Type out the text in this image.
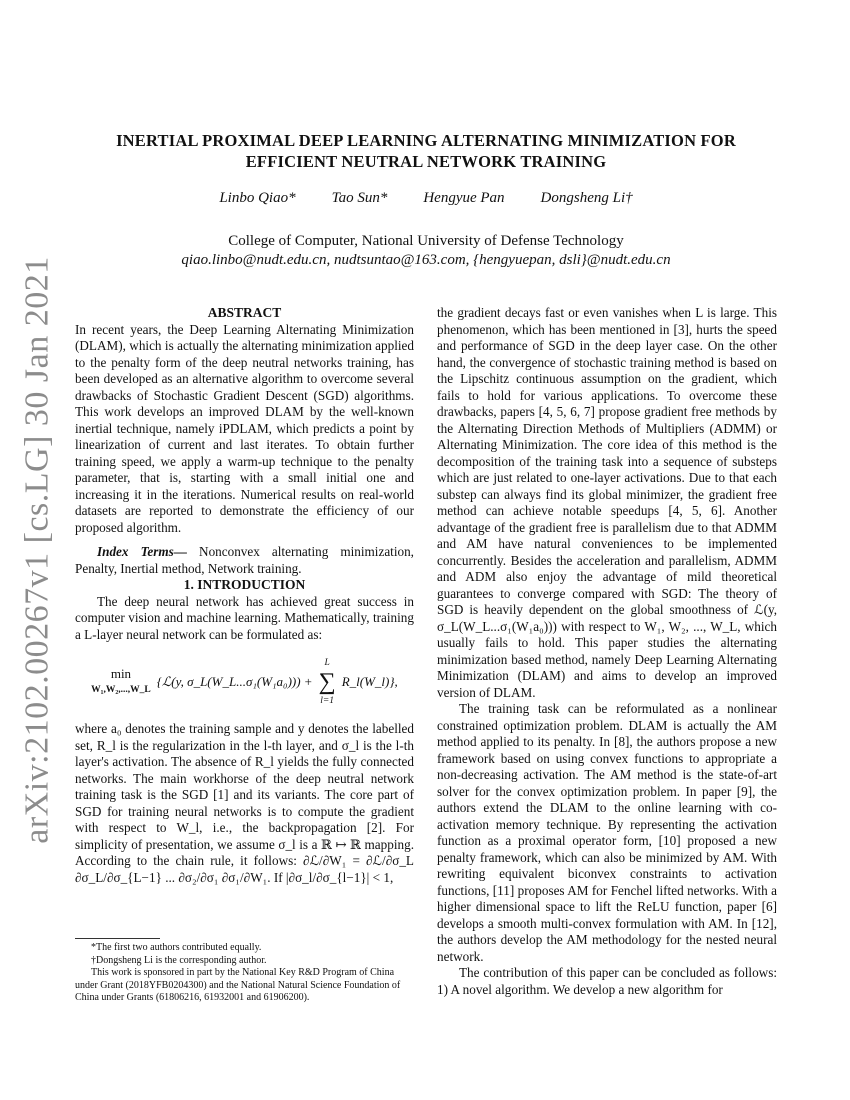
arXiv:2102.00267v1 [cs.LG] 30 Jan 2021
INERTIAL PROXIMAL DEEP LEARNING ALTERNATING MINIMIZATION FOR
EFFICIENT NEUTRAL NETWORK TRAINING
Linbo Qiao* Tao Sun* Hengyue Pan Dongsheng Li†
College of Computer, National University of Defense Technology
qiao.linbo@nudt.edu.cn, nudtsuntao@163.com, {hengyuepan, dsli}@nudt.edu.cn

ABSTRACT

In recent years, the Deep Learning Alternating Minimization (DLAM), which is actually the alternating minimization applied to the penalty form of the deep neutral networks training, has been developed as an alternative algorithm to overcome several drawbacks of Stochastic Gradient Descent (SGD) algorithms. This work develops an improved DLAM by the well-known inertial technique, namely iPDLAM, which predicts a point by linearization of current and last iterates. To obtain further training speed, we apply a warm-up technique to the penalty parameter, that is, starting with a small initial one and increasing it in the iterations. Numerical results on real-world datasets are reported to demonstrate the efficiency of our proposed algorithm.

Index Terms— Nonconvex alternating minimization, Penalty, Inertial method, Network training.

1. INTRODUCTION

The deep neural network has achieved great success in computer vision and machine learning. Mathematically, training a L-layer neural network can be formulated as:

min
W₁,W₂,...,W_L
{ℒ(y, σ_L(W_L...σ₁(W₁a₀))) +
L
∑
l=1
R_l(W_l)},

where a₀ denotes the training sample and y denotes the labelled set, R_l is the regularization in the l-th layer, and σ_l is the l-th layer's activation. The absence of R_l yields the fully connected networks. The main workhorse of the deep neutral network training task is the SGD [1] and its variants. The core part of SGD for training neural networks is to compute the gradient with respect to W_l, i.e., the backpropagation [2]. For simplicity of presentation, we assume σ_l is a ℝ ↦ ℝ mapping. According to the chain rule, it follows: ∂ℒ/∂W₁ = ∂ℒ/∂σ_L ∂σ_L/∂σ_{L−1} ... ∂σ₂/∂σ₁ ∂σ₁/∂W₁. If |∂σ_l/∂σ_{l−1}| < 1,

*The first two authors contributed equally.

†Dongsheng Li is the corresponding author.

This work is sponsored in part by the National Key R&D Program of China under Grant (2018YFB0204300) and the National Natural Science Foundation of China under Grants (61806216, 61932001 and 61906200).

the gradient decays fast or even vanishes when L is large. This phenomenon, which has been mentioned in [3], hurts the speed and performance of SGD in the deep layer case. On the other hand, the convergence of stochastic training method is based on the Lipschitz continuous assumption on the gradient, which fails to hold for various applications. To overcome these drawbacks, papers [4, 5, 6, 7] propose gradient free methods by the Alternating Direction Methods of Multipliers (ADMM) or Alternating Minimization. The core idea of this method is the decomposition of the training task into a sequence of substeps which are just related to one-layer activations. Due to that each substep can always find its global minimizer, the gradient free method can achieve notable speedups [4, 5, 6]. Another advantage of the gradient free is parallelism due to that ADMM and AM have natural conveniences to be implemented concurrently. Besides the acceleration and parallelism, ADMM and ADM also enjoy the advantage of mild theoretical guarantees to converge compared with SGD: The theory of SGD is heavily dependent on the global smoothness of ℒ(y, σ_L(W_L...σ₁(W₁a₀))) with respect to W₁, W₂, ..., W_L, which usually fails to hold. This paper studies the alternating minimization based method, namely Deep Learning Alternating Minimization (DLAM) and aims to develop an improved version of DLAM.

The training task can be reformulated as a nonlinear constrained optimization problem. DLAM is actually the AM method applied to its penalty. In [8], the authors propose a new framework based on using convex functions to appropriate a non-decreasing activation. The AM method is the state-of-art solver for the convex optimization problem. In paper [9], the authors extend the DLAM to the online learning with co-activation memory technique. By representing the activation function as a proximal operator form, [10] proposed a new penalty framework, which can also be minimized by AM. With rewriting equivalent biconvex constraints to activation functions, [11] proposes AM for Fenchel lifted networks. With a higher dimensional space to lift the ReLU function, paper [6] develops a smooth multi-convex formulation with AM. In [12], the authors develop the AM methodology for the nested neural network.

The contribution of this paper can be concluded as follows: 1) A novel algorithm. We develop a new algorithm for
